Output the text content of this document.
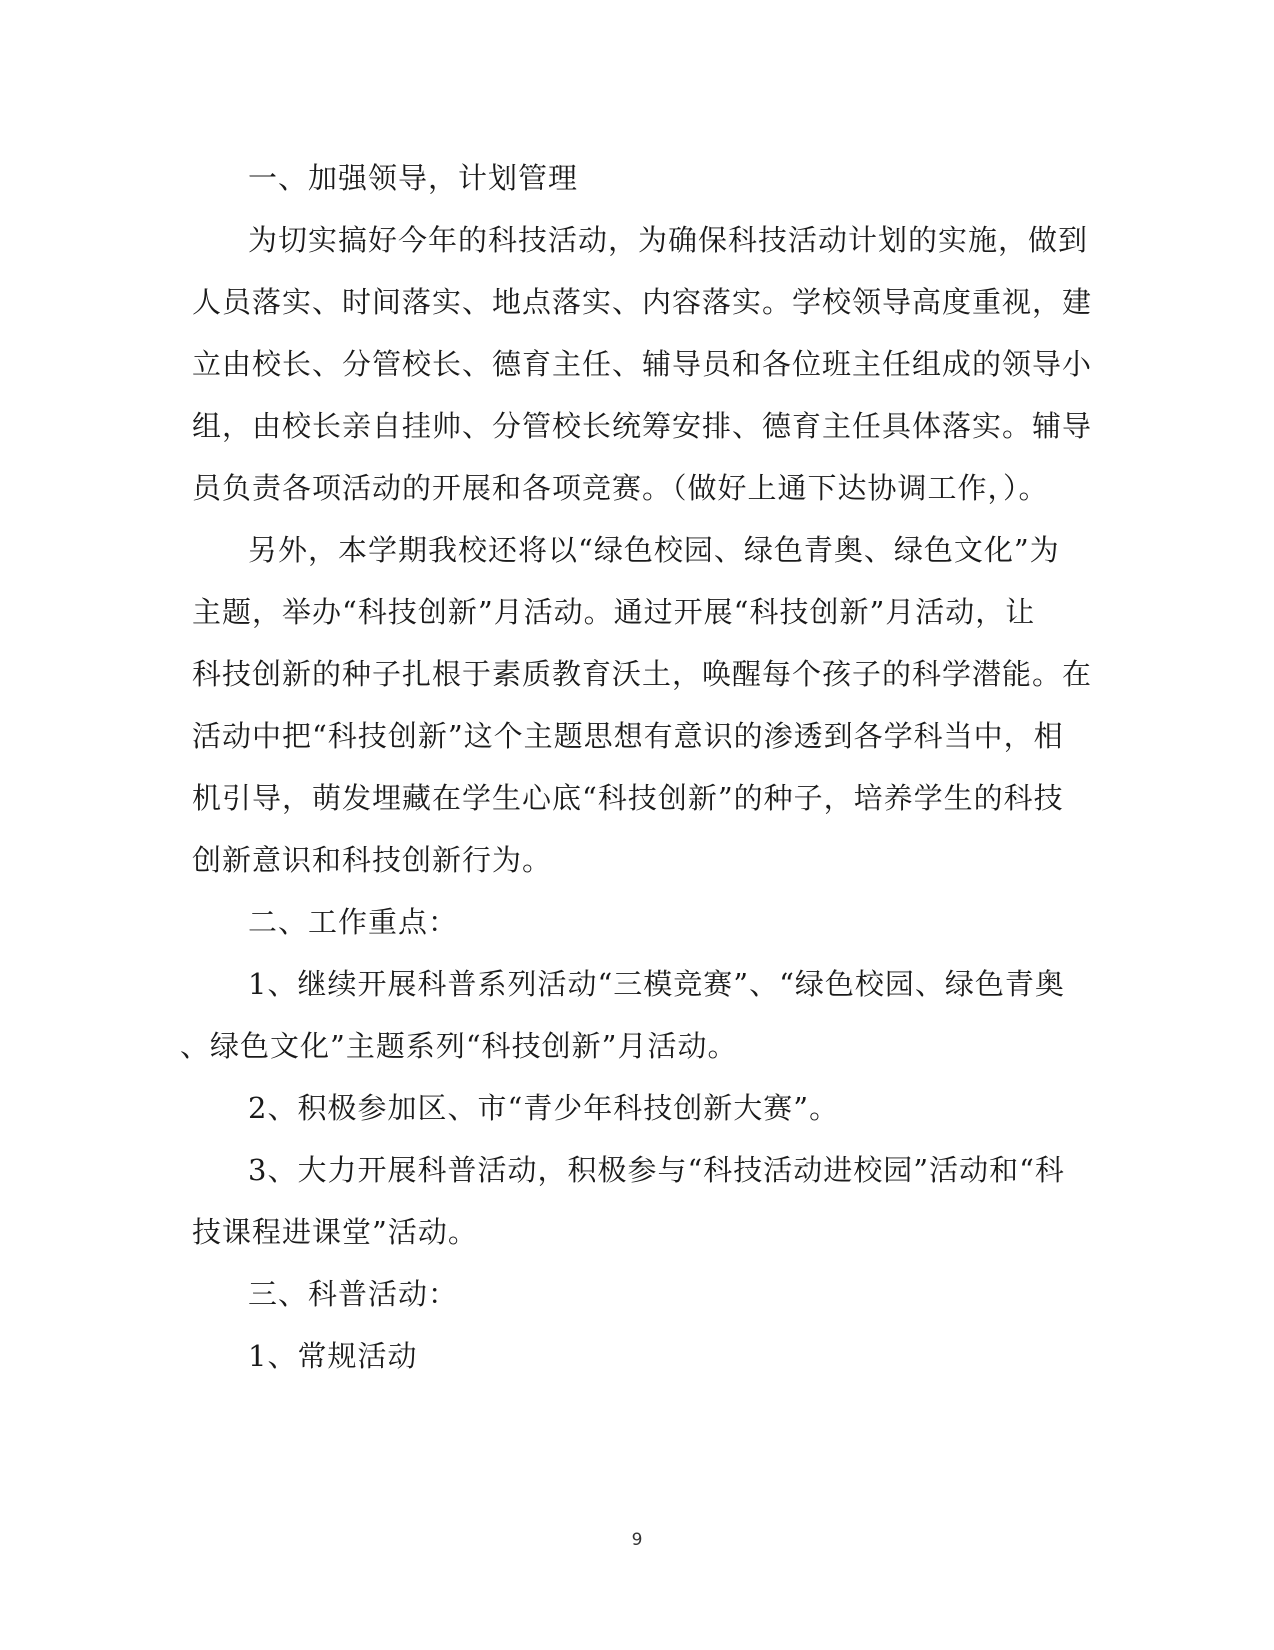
一、加强领导，计划管理
为切实搞好今年的科技活动，为确保科技活动计划的实施，做到
人员落实、时间落实、地点落实、内容落实。学校领导高度重视，建
立由校长、分管校长、德育主任、辅导员和各位班主任组成的领导小
组，由校长亲自挂帅、分管校长统筹安排、德育主任具体落实。辅导
员负责各项活动的开展和各项竞赛。（做好上通下达协调工作，）。
另外，本学期我校还将以“绿色校园、绿色青奥、绿色文化”为
主题，举办“科技创新”月活动。通过开展“科技创新”月活动，让
科技创新的种子扎根于素质教育沃土，唤醒每个孩子的科学潜能。在
活动中把“科技创新”这个主题思想有意识的渗透到各学科当中，相
机引导，萌发埋藏在学生心底“科技创新”的种子，培养学生的科技
创新意识和科技创新行为。
二、工作重点：
1、继续开展科普系列活动“三模竞赛”、“绿色校园、绿色青奥
、绿色文化”主题系列“科技创新”月活动。
2、积极参加区、市“青少年科技创新大赛”。
3、大力开展科普活动，积极参与“科技活动进校园”活动和“科
技课程进课堂”活动。
三、科普活动：
1、常规活动
9
